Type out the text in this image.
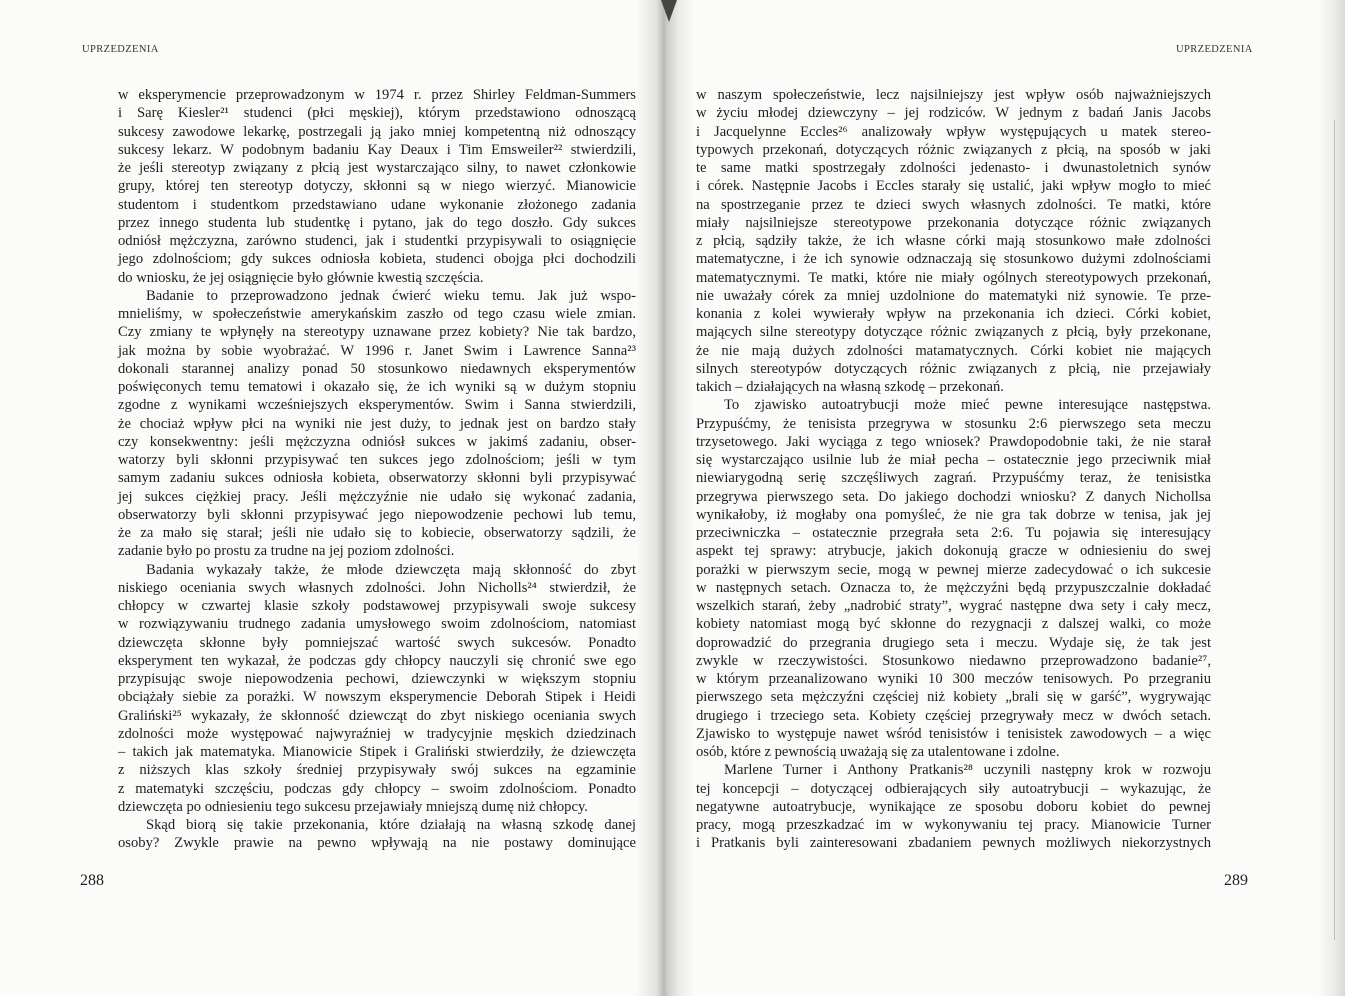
UPRZEDZENIA	UPRZEDZENIA

w eksperymencie przeprowadzonym w 1974 r. przez Shirley Feldman-Summers

i Sarę Kiesler²¹ studenci (płci męskiej), którym przedstawiono odnoszącą

sukcesy zawodowe lekarkę, postrzegali ją jako mniej kompetentną niż odnoszący

sukcesy lekarz. W podobnym badaniu Kay Deaux i Tim Emsweiler²² stwierdzili,

że jeśli stereotyp związany z płcią jest wystarczająco silny, to nawet członkowie

grupy, której ten stereotyp dotyczy, skłonni są w niego wierzyć. Mianowicie

studentom i studentkom przedstawiano udane wykonanie złożonego zadania

przez innego studenta lub studentkę i pytano, jak do tego doszło. Gdy sukces

odniósł mężczyzna, zarówno studenci, jak i studentki przypisywali to osiągnięcie

jego zdolnościom; gdy sukces odniosła kobieta, studenci obojga płci dochodzili

do wniosku, że jej osiągnięcie było głównie kwestią szczęścia.

Badanie to przeprowadzono jednak ćwierć wieku temu. Jak już wspo-

mnieliśmy, w społeczeństwie amerykańskim zaszło od tego czasu wiele zmian.

Czy zmiany te wpłynęły na stereotypy uznawane przez kobiety? Nie tak bardzo,

jak można by sobie wyobrażać. W 1996 r. Janet Swim i Lawrence Sanna²³

dokonali starannej analizy ponad 50 stosunkowo niedawnych eksperymentów

poświęconych temu tematowi i okazało się, że ich wyniki są w dużym stopniu

zgodne z wynikami wcześniejszych eksperymentów. Swim i Sanna stwierdzili,

że chociaż wpływ płci na wyniki nie jest duży, to jednak jest on bardzo stały

czy konsekwentny: jeśli mężczyzna odniósł sukces w jakimś zadaniu, obser-

watorzy byli skłonni przypisywać ten sukces jego zdolnościom; jeśli w tym

samym zadaniu sukces odniosła kobieta, obserwatorzy skłonni byli przypisywać

jej sukces ciężkiej pracy. Jeśli mężczyźnie nie udało się wykonać zadania,

obserwatorzy byli skłonni przypisywać jego niepowodzenie pechowi lub temu,

że za mało się starał; jeśli nie udało się to kobiecie, obserwatorzy sądzili, że

zadanie było po prostu za trudne na jej poziom zdolności.

Badania wykazały także, że młode dziewczęta mają skłonność do zbyt

niskiego oceniania swych własnych zdolności. John Nicholls²⁴ stwierdził, że

chłopcy w czwartej klasie szkoły podstawowej przypisywali swoje sukcesy

w rozwiązywaniu trudnego zadania umysłowego swoim zdolnościom, natomiast

dziewczęta skłonne były pomniejszać wartość swych sukcesów. Ponadto

eksperyment ten wykazał, że podczas gdy chłopcy nauczyli się chronić swe ego

przypisując swoje niepowodzenia pechowi, dziewczynki w większym stopniu

obciążały siebie za porażki. W nowszym eksperymencie Deborah Stipek i Heidi

Graliński²⁵ wykazały, że skłonność dziewcząt do zbyt niskiego oceniania swych

zdolności może występować najwyraźniej w tradycyjnie męskich dziedzinach

– takich jak matematyka. Mianowicie Stipek i Graliński stwierdziły, że dziewczęta

z niższych klas szkoły średniej przypisywały swój sukces na egzaminie

z matematyki szczęściu, podczas gdy chłopcy – swoim zdolnościom. Ponadto

dziewczęta po odniesieniu tego sukcesu przejawiały mniejszą dumę niż chłopcy.

Skąd biorą się takie przekonania, które działają na własną szkodę danej

osoby? Zwykle prawie na pewno wpływają na nie postawy dominujące

w naszym społeczeństwie, lecz najsilniejszy jest wpływ osób najważniejszych

w życiu młodej dziewczyny – jej rodziców. W jednym z badań Janis Jacobs

i Jacquelynne Eccles²⁶ analizowały wpływ występujących u matek stereo-

typowych przekonań, dotyczących różnic związanych z płcią, na sposób w jaki

te same matki spostrzegały zdolności jedenasto- i dwunastoletnich synów

i córek. Następnie Jacobs i Eccles starały się ustalić, jaki wpływ mogło to mieć

na spostrzeganie przez te dzieci swych własnych zdolności. Te matki, które

miały najsilniejsze stereotypowe przekonania dotyczące różnic związanych

z płcią, sądziły także, że ich własne córki mają stosunkowo małe zdolności

matematyczne, i że ich synowie odznaczają się stosunkowo dużymi zdolnościami

matematycznymi. Te matki, które nie miały ogólnych stereotypowych przekonań,

nie uważały córek za mniej uzdolnione do matematyki niż synowie. Te prze-

konania z kolei wywierały wpływ na przekonania ich dzieci. Córki kobiet,

mających silne stereotypy dotyczące różnic związanych z płcią, były przekonane,

że nie mają dużych zdolności matamatycznych. Córki kobiet nie mających

silnych stereotypów dotyczących różnic związanych z płcią, nie przejawiały

takich – działających na własną szkodę – przekonań.

To zjawisko autoatrybucji może mieć pewne interesujące następstwa.

Przypuśćmy, że tenisista przegrywa w stosunku 2:6 pierwszego seta meczu

trzysetowego. Jaki wyciąga z tego wniosek? Prawdopodobnie taki, że nie starał

się wystarczająco usilnie lub że miał pecha – ostatecznie jego przeciwnik miał

niewiarygodną serię szczęśliwych zagrań. Przypuśćmy teraz, że tenisistka

przegrywa pierwszego seta. Do jakiego dochodzi wniosku? Z danych Nichollsa

wynikałoby, iż mogłaby ona pomyśleć, że nie gra tak dobrze w tenisa, jak jej

przeciwniczka – ostatecznie przegrała seta 2:6. Tu pojawia się interesujący

aspekt tej sprawy: atrybucje, jakich dokonują gracze w odniesieniu do swej

porażki w pierwszym secie, mogą w pewnej mierze zadecydować o ich sukcesie

w następnych setach. Oznacza to, że mężczyźni będą przypuszczalnie dokładać

wszelkich starań, żeby „nadrobić straty”, wygrać następne dwa sety i cały mecz,

kobiety natomiast mogą być skłonne do rezygnacji z dalszej walki, co może

doprowadzić do przegrania drugiego seta i meczu. Wydaje się, że tak jest

zwykle w rzeczywistości. Stosunkowo niedawno przeprowadzono badanie²⁷,

w którym przeanalizowano wyniki 10 300 meczów tenisowych. Po przegraniu

pierwszego seta mężczyźni częściej niż kobiety „brali się w garść”, wygrywając

drugiego i trzeciego seta. Kobiety częściej przegrywały mecz w dwóch setach.

Zjawisko to występuje nawet wśród tenisistów i tenisistek zawodowych – a więc

osób, które z pewnością uważają się za utalentowane i zdolne.

Marlene Turner i Anthony Pratkanis²⁸ uczynili następny krok w rozwoju

tej koncepcji – dotyczącej odbierających siły autoatrybucji – wykazując, że

negatywne autoatrybucje, wynikające ze sposobu doboru kobiet do pewnej

pracy, mogą przeszkadzać im w wykonywaniu tej pracy. Mianowicie Turner

i Pratkanis byli zainteresowani zbadaniem pewnych możliwych niekorzystnych

288	289
